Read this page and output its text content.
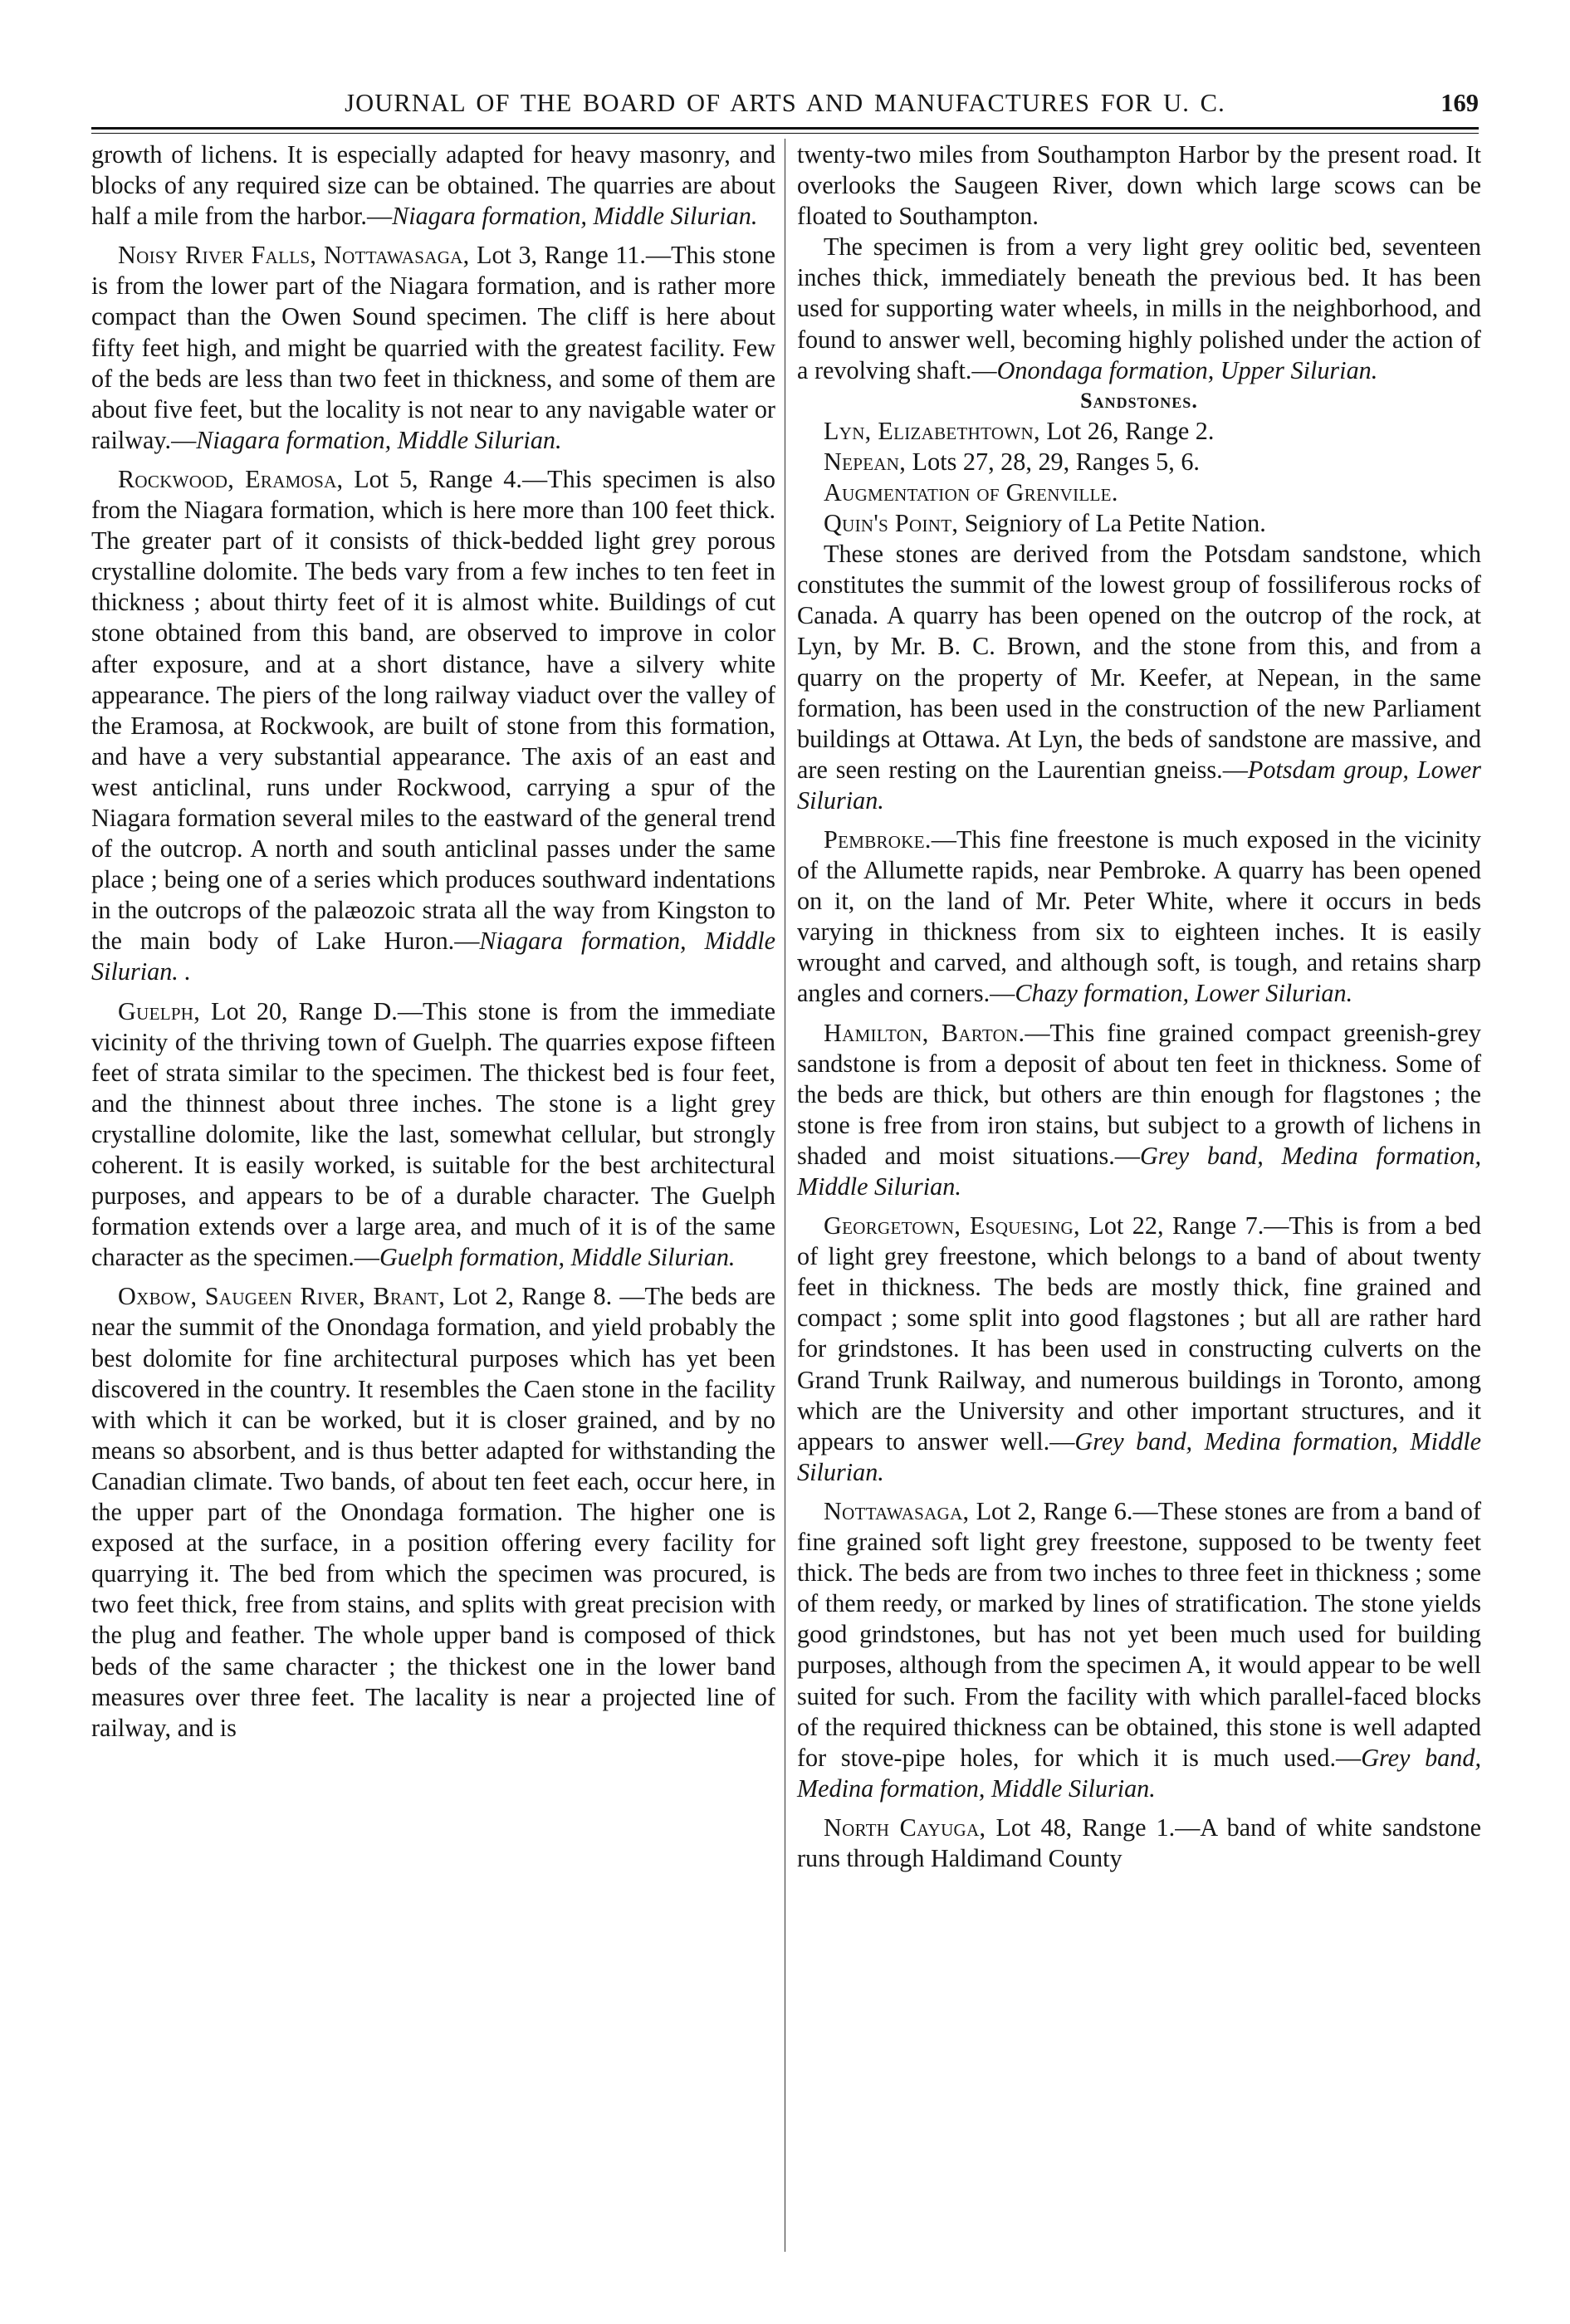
JOURNAL OF THE BOARD OF ARTS AND MANUFACTURES FOR U. C.	169

growth of lichens. It is especially adapted for heavy masonry, and blocks of any required size can be obtained. The quarries are about half a mile from the harbor.—Niagara formation, Middle Silurian.

Noisy River Falls, Nottawasaga, Lot 3, Range 11.—This stone is from the lower part of the Niagara formation, and is rather more compact than the Owen Sound specimen. The cliff is here about fifty feet high, and might be quarried with the greatest facility. Few of the beds are less than two feet in thickness, and some of them are about five feet, but the locality is not near to any navigable water or railway.—Niagara formation, Middle Silurian.

Rockwood, Eramosa, Lot 5, Range 4.—This specimen is also from the Niagara formation, which is here more than 100 feet thick. The greater part of it consists of thick-bedded light grey porous crystalline dolomite. The beds vary from a few inches to ten feet in thickness ; about thirty feet of it is almost white. Buildings of cut stone obtained from this band, are observed to improve in color after exposure, and at a short distance, have a silvery white appearance. The piers of the long railway viaduct over the valley of the Eramosa, at Rockwook, are built of stone from this formation, and have a very substantial appearance. The axis of an east and west anticlinal, runs under Rockwood, carrying a spur of the Niagara formation several miles to the eastward of the general trend of the outcrop. A north and south anticlinal passes under the same place ; being one of a series which produces southward indentations in the outcrops of the palæozoic strata all the way from Kingston to the main body of Lake Huron.—Niagara formation, Middle Silurian. .

Guelph, Lot 20, Range D.—This stone is from the immediate vicinity of the thriving town of Guelph. The quarries expose fifteen feet of strata similar to the specimen. The thickest bed is four feet, and the thinnest about three inches. The stone is a light grey crystalline dolomite, like the last, somewhat cellular, but strongly coherent. It is easily worked, is suitable for the best architectural purposes, and appears to be of a durable character. The Guelph formation extends over a large area, and much of it is of the same character as the specimen.—Guelph formation, Middle Silurian.

Oxbow, Saugeen River, Brant, Lot 2, Range 8. —The beds are near the summit of the Onondaga formation, and yield probably the best dolomite for fine architectural purposes which has yet been discovered in the country. It resembles the Caen stone in the facility with which it can be worked, but it is closer grained, and by no means so absorbent, and is thus better adapted for withstanding the Canadian climate. Two bands, of about ten feet each, occur here, in the upper part of the Onondaga formation. The higher one is exposed at the surface, in a position offering every facility for quarrying it. The bed from which the specimen was procured, is two feet thick, free from stains, and splits with great precision with the plug and feather. The whole upper band is composed of thick beds of the same character ; the thickest one in the lower band measures over three feet. The lacality is near a projected line of railway, and is

twenty-two miles from Southampton Harbor by the present road. It overlooks the Saugeen River, down which large scows can be floated to Southampton.

The specimen is from a very light grey oolitic bed, seventeen inches thick, immediately beneath the previous bed. It has been used for supporting water wheels, in mills in the neighborhood, and found to answer well, becoming highly polished under the action of a revolving shaft.—Onondaga formation, Upper Silurian.

Sandstones.

Lyn, Elizabethtown, Lot 26, Range 2.

Nepean, Lots 27, 28, 29, Ranges 5, 6.

Augmentation of Grenville.

Quin's Point, Seigniory of La Petite Nation.

These stones are derived from the Potsdam sandstone, which constitutes the summit of the lowest group of fossiliferous rocks of Canada. A quarry has been opened on the outcrop of the rock, at Lyn, by Mr. B. C. Brown, and the stone from this, and from a quarry on the property of Mr. Keefer, at Nepean, in the same formation, has been used in the construction of the new Parliament buildings at Ottawa. At Lyn, the beds of sandstone are massive, and are seen resting on the Laurentian gneiss.—Potsdam group, Lower Silurian.

Pembroke.—This fine freestone is much exposed in the vicinity of the Allumette rapids, near Pembroke. A quarry has been opened on it, on the land of Mr. Peter White, where it occurs in beds varying in thickness from six to eighteen inches. It is easily wrought and carved, and although soft, is tough, and retains sharp angles and corners.—Chazy formation, Lower Silurian.

Hamilton, Barton.—This fine grained compact greenish-grey sandstone is from a deposit of about ten feet in thickness. Some of the beds are thick, but others are thin enough for flagstones ; the stone is free from iron stains, but subject to a growth of lichens in shaded and moist situations.—Grey band, Medina formation, Middle Silurian.

Georgetown, Esquesing, Lot 22, Range 7.—This is from a bed of light grey freestone, which belongs to a band of about twenty feet in thickness. The beds are mostly thick, fine grained and compact ; some split into good flagstones ; but all are rather hard for grindstones. It has been used in constructing culverts on the Grand Trunk Railway, and numerous buildings in Toronto, among which are the University and other important structures, and it appears to answer well.—Grey band, Medina formation, Middle Silurian.

Nottawasaga, Lot 2, Range 6.—These stones are from a band of fine grained soft light grey freestone, supposed to be twenty feet thick. The beds are from two inches to three feet in thickness ; some of them reedy, or marked by lines of stratification. The stone yields good grindstones, but has not yet been much used for building purposes, although from the specimen A, it would appear to be well suited for such. From the facility with which parallel-faced blocks of the required thickness can be obtained, this stone is well adapted for stove-pipe holes, for which it is much used.—Grey band, Medina formation, Middle Silurian.

North Cayuga, Lot 48, Range 1.—A band of white sandstone runs through Haldimand County
